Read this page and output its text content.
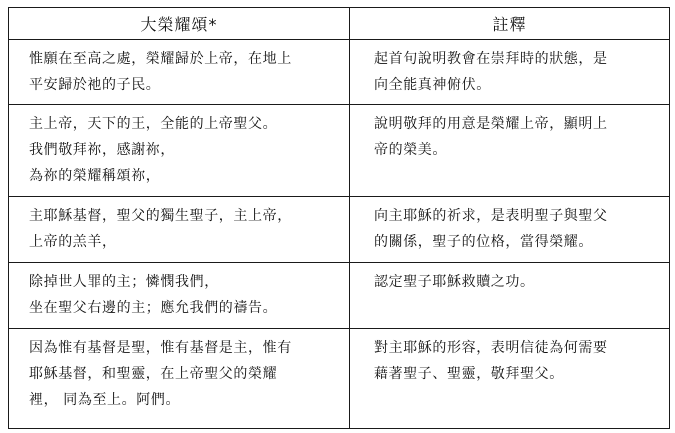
大榮耀頌*	註釋

惟願在至高之處，榮耀歸於上帝，在地上
平安歸於祂的子民。	起首句說明教會在崇拜時的狀態，是
向全能真神俯伏。

主上帝，天下的王，全能的上帝聖父。
我們敬拜祢，感謝祢，
為祢的榮耀稱頌祢，	說明敬拜的用意是榮耀上帝，顯明上
帝的榮美。

主耶穌基督，聖父的獨生聖子，主上帝，
上帝的羔羊，	向主耶穌的祈求，是表明聖子與聖父
的關係，聖子的位格，當得榮耀。

除掉世人罪的主；憐憫我們，
坐在聖父右邊的主；應允我們的禱告。	認定聖子耶穌救贖之功。

因為惟有基督是聖，惟有基督是主，惟有
耶穌基督，和聖靈，在上帝聖父的榮耀
裡， 同為至上。阿們。	對主耶穌的形容，表明信徒為何需要
藉著聖子、聖靈，敬拜聖父。
